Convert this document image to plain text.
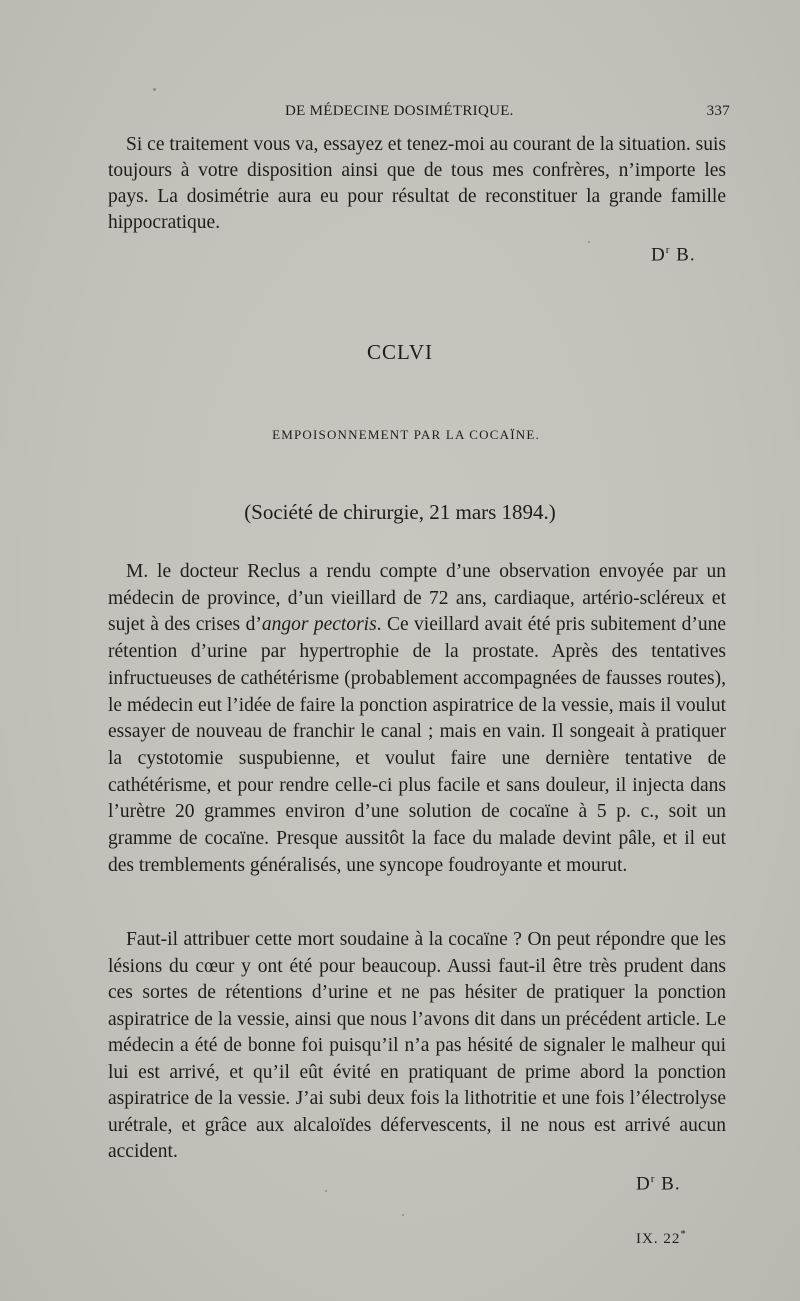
DE MÉDECINE DOSIMÉTRIQUE.	337

Si ce traitement vous va, essayez et tenez-moi au courant de la situation. suis toujours à votre disposition ainsi que de tous mes confrères, n’importe les pays. La dosimétrie aura eu pour résultat de reconstituer la grande famille hippocratique.

$D^r$ B.
CCLVI
EMPOISONNEMENT PAR LA COCAÏNE.
(Société de chirurgie, 21 mars 1894.)

M. le docteur Reclus a rendu compte d’une observation envoyée par un médecin de province, d’un vieillard de 72 ans, cardiaque, artério-scléreux et sujet à des crises d’angor pectoris. Ce vieillard avait été pris subitement d’une rétention d’urine par hypertrophie de la prostate. Après des tentatives infructueuses de cathétérisme (probablement accompagnées de fausses routes), le médecin eut l’idée de faire la ponction aspiratrice de la vessie, mais il voulut essayer de nouveau de franchir le canal ; mais en vain. Il songeait à pratiquer la cystotomie suspubienne, et voulut faire une dernière tentative de cathétérisme, et pour rendre celle-ci plus facile et sans douleur, il injecta dans l’urètre 20 grammes environ d’une solution de cocaïne à 5 p. c., soit un gramme de cocaïne. Presque aussitôt la face du malade devint pâle, et il eut des tremblements généralisés, une syncope foudroyante et mourut.

Faut-il attribuer cette mort soudaine à la cocaïne ? On peut répondre que les lésions du cœur y ont été pour beaucoup. Aussi faut-il être très prudent dans ces sortes de rétentions d’urine et ne pas hésiter de pratiquer la ponction aspiratrice de la vessie, ainsi que nous l’avons dit dans un précédent article. Le médecin a été de bonne foi puisqu’il n’a pas hésité de signaler le malheur qui lui est arrivé, et qu’il eût évité en pratiquant de prime abord la ponction aspiratrice de la vessie. J’ai subi deux fois la lithotritie et une fois l’électrolyse urétrale, et grâce aux alcaloïdes défervescents, il ne nous est arrivé aucun accident.

$D^r$ B.
IX. 22*
